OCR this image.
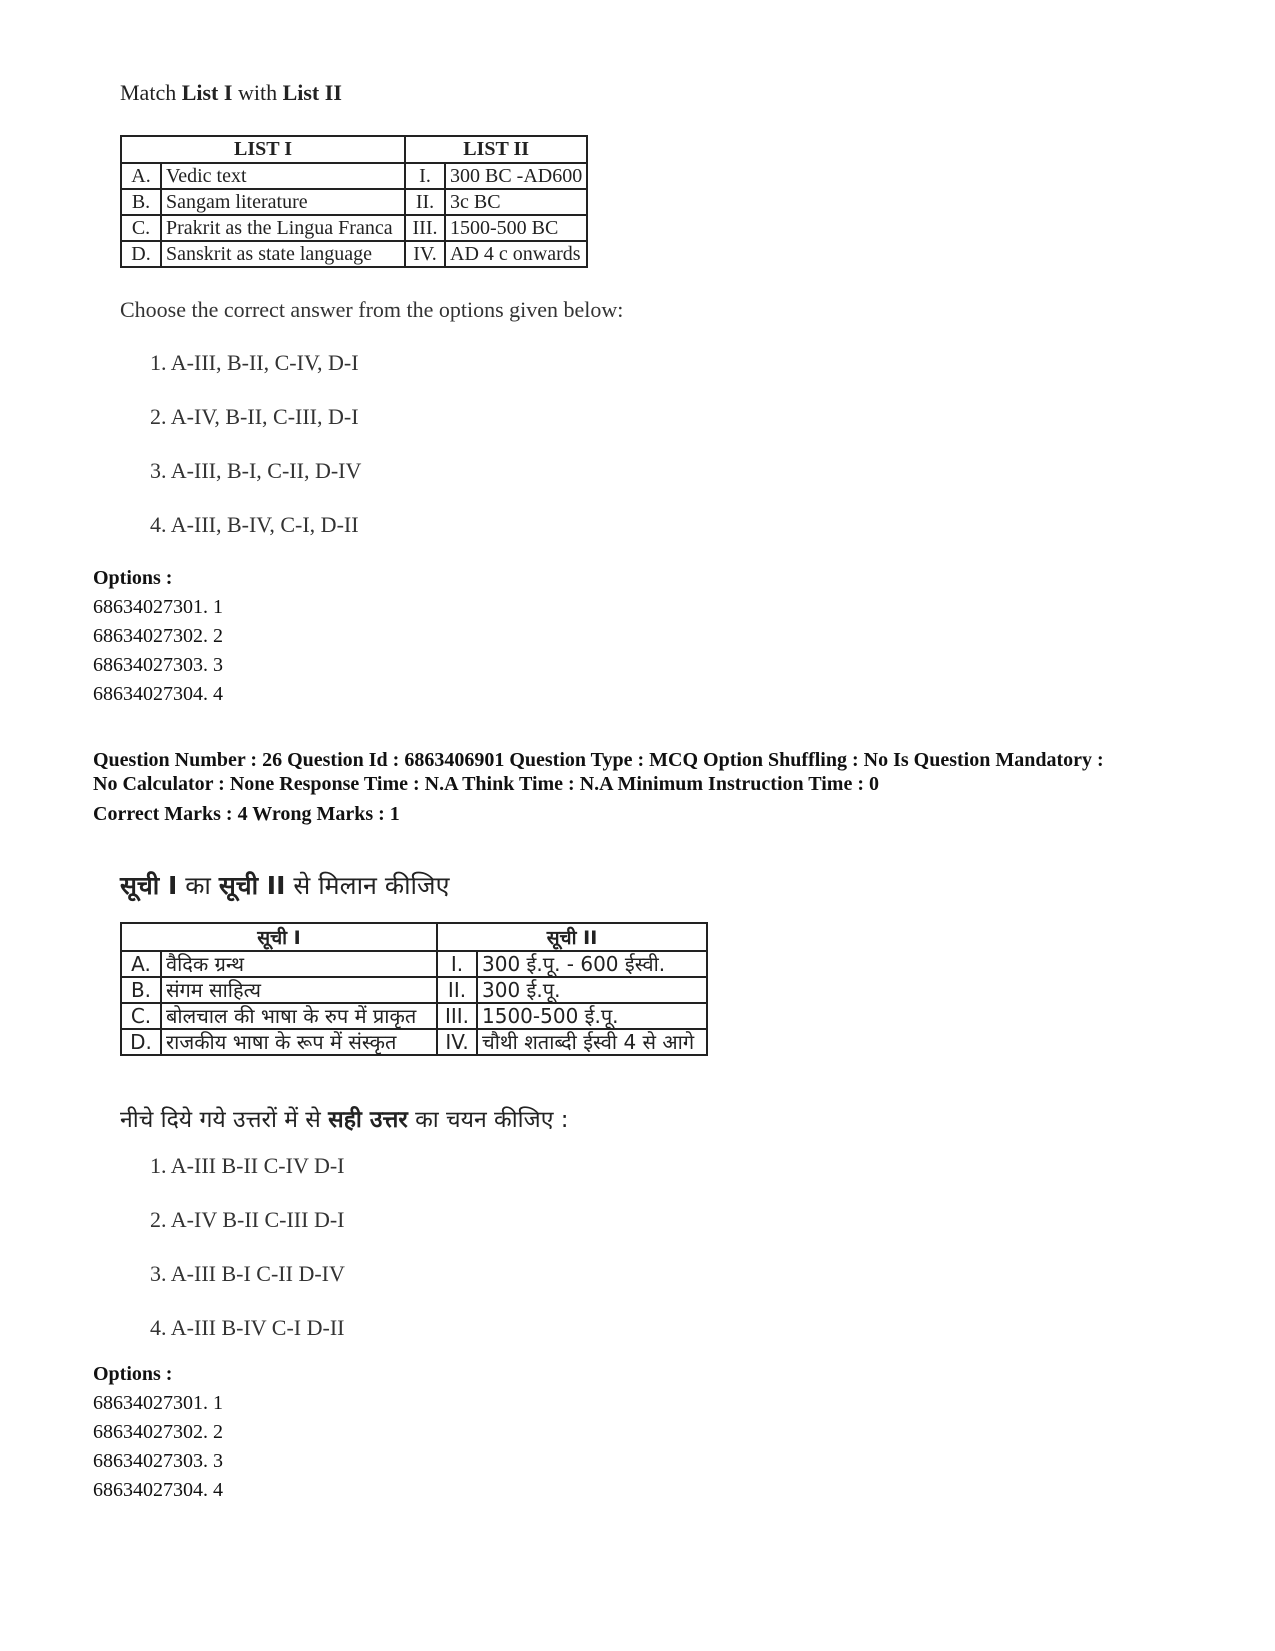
Match List I with List II
LIST I		LIST II	
A.	Vedic text	I.	300 BC -AD600
B.	Sangam literature	II.	3c BC
C.	Prakrit as the Lingua Franca	III.	1500-500 BC
D.	Sanskrit as state language	IV.	AD 4 c onwards
Choose the correct answer from the options given below:
1. A-III, B-II, C-IV, D-I
2. A-IV, B-II, C-III, D-I
3. A-III, B-I, C-II, D-IV
4. A-III, B-IV, C-I, D-II
Options :
68634027301. 1
68634027302. 2
68634027303. 3
68634027304. 4
Question Number : 26 Question Id : 6863406901 Question Type : MCQ Option Shuffling : No Is Question Mandatory :
No Calculator : None Response Time : N.A Think Time : N.A Minimum Instruction Time : 0
Correct Marks : 4 Wrong Marks : 1
सूची I का सूची II से मिलान कीजिए
सूची I		सूची II	
A.	वैदिक ग्रन्थ	I.	300 ई.पू. - 600 ईस्वी.
B.	संगम साहित्य	II.	300 ई.पू.
C.	बोलचाल की भाषा के रुप में प्राकृत	III.	1500-500 ई.पू.
D.	राजकीय भाषा के रूप में संस्कृत	IV.	चौथी शताब्दी ईस्वी 4 से आगे
नीचे दिये गये उत्तरों में से सही उत्तर का चयन कीजिए :
1. A-III B-II C-IV D-I
2. A-IV B-II C-III D-I
3. A-III B-I C-II D-IV
4. A-III B-IV C-I D-II
Options :
68634027301. 1
68634027302. 2
68634027303. 3
68634027304. 4
